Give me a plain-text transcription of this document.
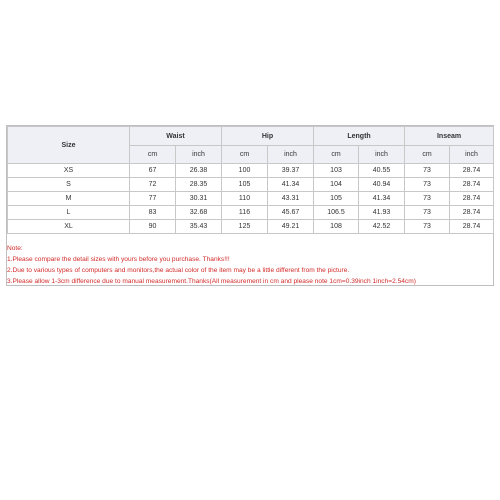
Size	Waist		Hip		Length		Inseam	
	cm	inch	cm	inch	cm	inch	cm	inch
XS	67	26.38	100	39.37	103	40.55	73	28.74
S	72	28.35	105	41.34	104	40.94	73	28.74
M	77	30.31	110	43.31	105	41.34	73	28.74
L	83	32.68	116	45.67	106.5	41.93	73	28.74
XL	90	35.43	125	49.21	108	42.52	73	28.74
Note:
1.Please compare the detail sizes with yours before you purchase. Thanks!!!
2.Due to various types of computers and monitors,the actual color of the item may be a little different from the picture.
3.Please allow 1-3cm difference due to manual measurement.Thanks(All measurement in cm and please note 1cm=0.39inch 1inch=2.54cm)
